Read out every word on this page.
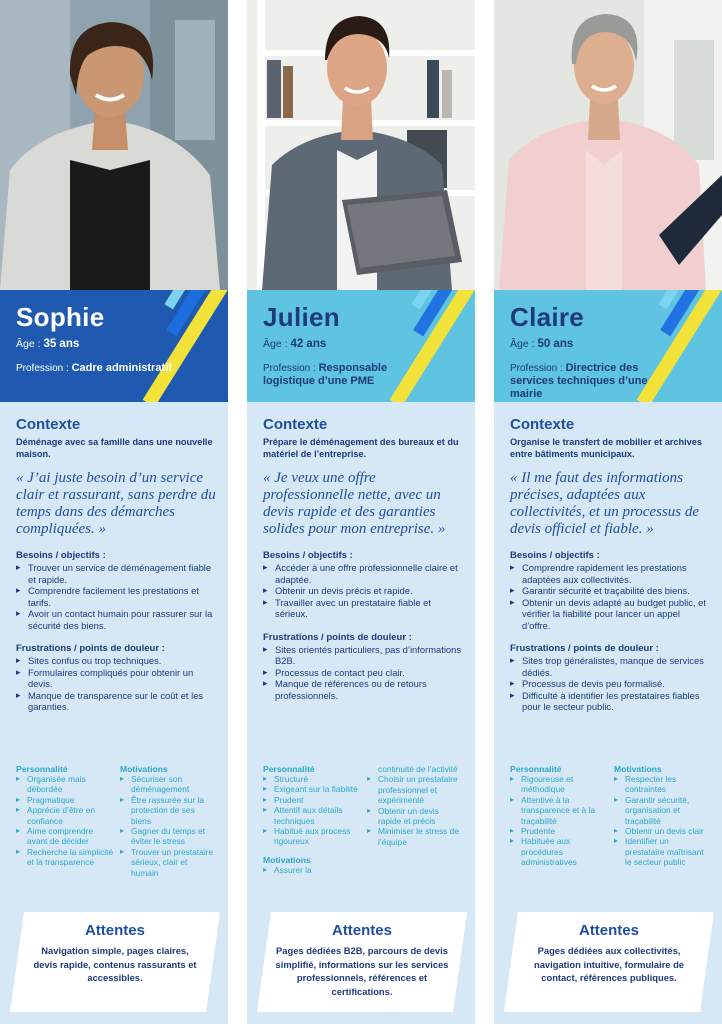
Sophie
Âge : 35 ans
Profession : Cadre administratif
Contexte
Déménage avec sa famille dans une nouvelle maison.
« J’ai juste besoin d’un service clair et rassurant, sans perdre du temps dans des démarches compliquées. »
Besoins / objectifs :
▸ Trouver un service de déménagement fiable et rapide.
▸ Comprendre facilement les prestations et tarifs.
▸ Avoir un contact humain pour rassurer sur la sécurité des biens.
Frustrations / points de douleur :
▸ Sites confus ou trop techniques.
▸ Formulaires compliqués pour obtenir un devis.
▸ Manque de transparence sur le coût et les garanties.
Personnalité
▸ Organisée mais débordée
▸ Pragmatique
▸ Apprécie d’être en confiance
▸ Aime comprendre avant de décider
▸ Recherche la simplicité et la transparence
Motivations
▸ Sécuriser son déménagement
▸ Être rassurée sur la protection de ses biens
▸ Gagner du temps et éviter le stress
▸ Trouver un prestataire sérieux, clair et humain
Attentes
Navigation simple, pages claires, devis rapide, contenus rassurants et accessibles.
Julien
Âge : 42 ans
Profession : Responsable logistique d’une PME
Contexte
Prépare le déménagement des bureaux et du matériel de l’entreprise.
« Je veux une offre professionnelle nette, avec un devis rapide et des garanties solides pour mon entreprise. »
Besoins / objectifs :
▸ Accéder à une offre professionnelle claire et adaptée.
▸ Obtenir un devis précis et rapide.
▸ Travailler avec un prestataire fiable et sérieux.
Frustrations / points de douleur :
▸ Sites orientés particuliers, pas d’informations B2B.
▸ Processus de contact peu clair.
▸ Manque de références ou de retours professionnels.
Personnalité
▸ Structuré
▸ Exigeant sur la fiabilité
▸ Prudent
▸ Attentif aux détails techniques
▸ Habitué aux process rigoureux
Motivations
▸ Assurer la
continuité de l’activité
▸ Choisir un prestataire professionnel et expérimenté
▸ Obtenir un devis rapide et précis
▸ Minimiser le stress de l’équipe
Attentes
Pages dédiées B2B, parcours de devis simplifié, informations sur les services professionnels, références et certifications.
Claire
Âge : 50 ans
Profession : Directrice des services techniques d’une mairie
Contexte
Organise le transfert de mobilier et archives entre bâtiments municipaux.
« Il me faut des informations précises, adaptées aux collectivités, et un processus de devis officiel et fiable. »
Besoins / objectifs :
▸ Comprendre rapidement les prestations adaptées aux collectivités.
▸ Garantir sécurité et traçabilité des biens.
▸ Obtenir un devis adapté au budget public, et vérifier la fiabilité pour lancer un appel d’offre.
Frustrations / points de douleur :
▸ Sites trop généralistes, manque de services dédiés.
▸ Processus de devis peu formalisé.
▸ Difficulté à identifier les prestataires fiables pour le secteur public.
Personnalité
▸ Rigoureuse et méthodique
▸ Attentive à la transparence et à la traçabilité
▸ Prudente
▸ Habituée aux procédures administratives
Motivations
▸ Respecter les contraintes
▸ Garantir sécurité, organisation et traçabilité
▸ Obtenir un devis clair
▸ Identifier un prestataire maîtrisant le secteur public
Attentes
Pages dédiées aux collectivités, navigation intuitive, formulaire de contact, références publiques.
